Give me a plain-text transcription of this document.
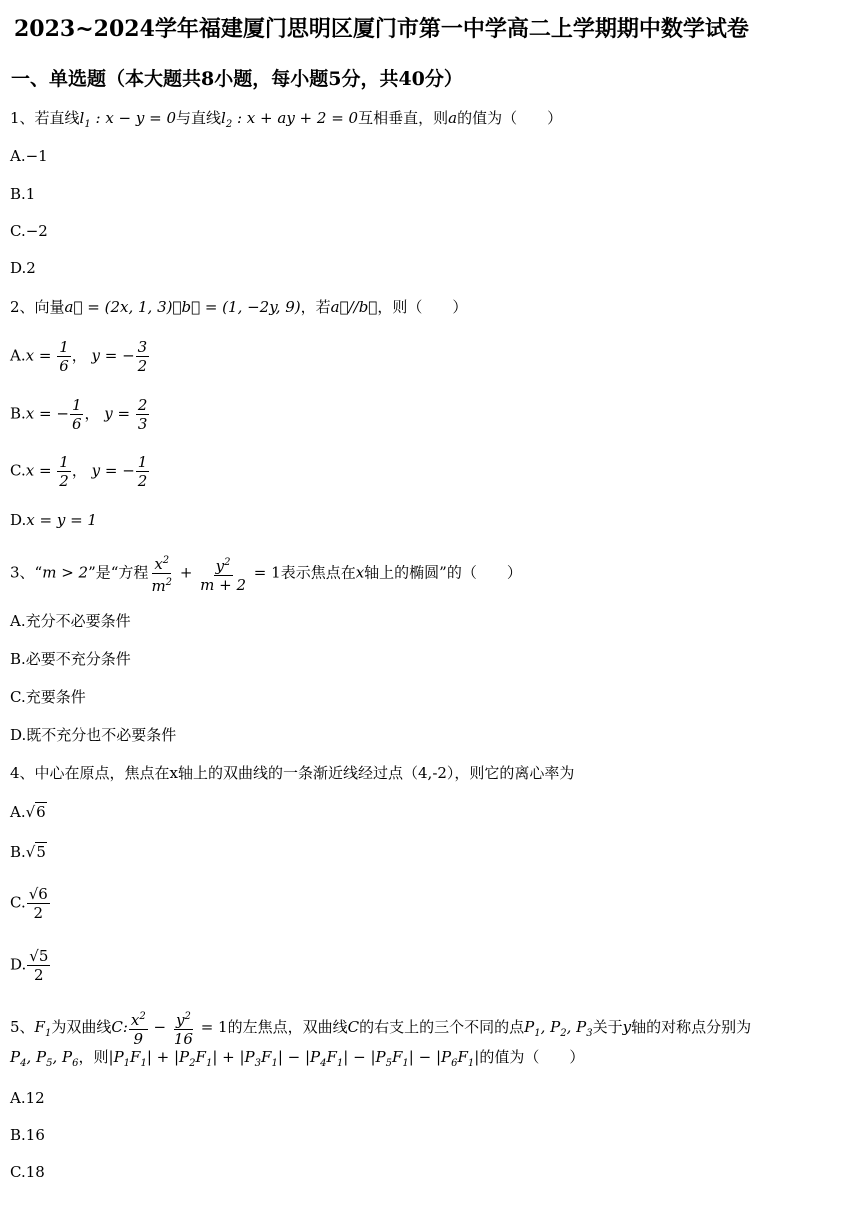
2023~2024学年福建厦门思明区厦门市第一中学高二上学期期中数学试卷
一、单选题（本大题共8小题，每小题5分，共40分）
1、若直线$l_1$ : x − y = 0与直线$l_2$ : x + ay + 2 = 0互相垂直，则a的值为（　　）
A.−1
B.1
C.−2
D.2
2、向量a⃗ = (2x, 1, 3)，b⃗ = (1, −2y, 9)，若a⃗//b⃗，则（　　）
$A.x = \frac{1}{6}$ ， y = − $\frac{3}{2}$
B.x = − $\frac{1}{6}$ ， $y = \frac{2}{3}$
$C.x = \frac{1}{2}$ ， y = − $\frac{1}{2}$
D.x = y = 1
3、“m > 2”是“方程 $\frac{x^2}{m^2} + \frac{y^2}{m + 2} = 1$表示焦点在x轴上的椭圆”的（　　）
A.充分不必要条件
B.必要不充分条件
C.充要条件
D.既不充分也不必要条件
4、中心在原点，焦点在x轴上的双曲线的一条渐近线经过点（4,-2），则它的离心率为
A.√6
B.√5
C. $\frac{√6}{2}$
D. $\frac{√5}{2}$
5、$F_1$为双曲线C: $\frac{x^2}{9} - \frac{y^2}{16} = 1$的左焦点，双曲线C的右支上的三个不同的点$P_1$, $P_2$, $P_3$关于y轴的对称点分别为
$P_4$, $P_5$, $P_6$，则$|P_1F_1| + |P_2F_1| + |P_3F_1| - |P_4F_1| - |P_5F_1| - |P_6F_1|$的值为（　　）
A.12
B.16
C.18
